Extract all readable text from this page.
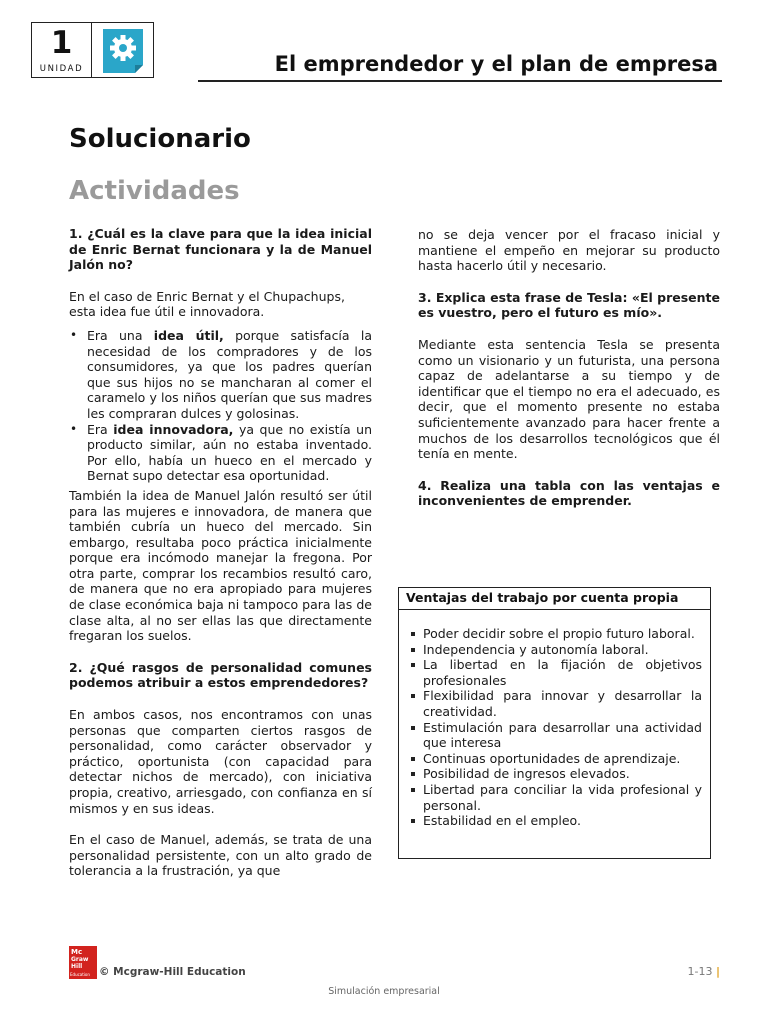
1
UNIDAD	El emprendedor y el plan de empresa
Solucionario
Actividades

1. ¿Cuál es la clave para que la idea inicial de Enric Bernat funcionara y la de Manuel Jalón no?

En el caso de Enric Bernat y el Chupachups, esta idea fue útil e innovadora.

• Era una idea útil, porque satisfacía la necesidad de los compradores y de los consumidores, ya que los padres querían que sus hijos no se mancharan al comer el caramelo y los niños querían que sus madres les compraran dulces y golosinas.
• Era idea innovadora, ya que no existía un producto similar, aún no estaba inventado. Por ello, había un hueco en el mercado y Bernat supo detectar esa oportunidad.

También la idea de Manuel Jalón resultó ser útil para las mujeres e innovadora, de manera que también cubría un hueco del mercado. Sin embargo, resultaba poco práctica inicialmente porque era incómodo manejar la fregona. Por otra parte, comprar los recambios resultó caro, de manera que no era apropiado para mujeres de clase económica baja ni tampoco para las de clase alta, al no ser ellas las que directamente fregaran los suelos.

2. ¿Qué rasgos de personalidad comunes podemos atribuir a estos emprendedores?

En ambos casos, nos encontramos con unas personas que comparten ciertos rasgos de personalidad, como carácter observador y práctico, oportunista (con capacidad para detectar nichos de mercado), con iniciativa propia, creativo, arriesgado, con confianza en sí mismos y en sus ideas.

En el caso de Manuel, además, se trata de una personalidad persistente, con un alto grado de tolerancia a la frustración, ya que

no se deja vencer por el fracaso inicial y mantiene el empeño en mejorar su producto hasta hacerlo útil y necesario.

3. Explica esta frase de Tesla: «El presente es vuestro, pero el futuro es mío».

Mediante esta sentencia Tesla se presenta como un visionario y un futurista, una persona capaz de adelantarse a su tiempo y de identificar que el tiempo no era el adecuado, es decir, que el momento presente no estaba suficientemente avanzado para hacer frente a muchos de los desarrollos tecnológicos que él tenía en mente.

4. Realiza una tabla con las ventajas e inconvenientes de emprender.

Ventajas del trabajo por cuenta propia
Poder decidir sobre el propio futuro laboral.
Independencia y autonomía laboral.
La libertad en la fijación de objetivos profesionales
Flexibilidad para innovar y desarrollar la creatividad.
Estimulación para desarrollar una actividad que interesa
Continuas oportunidades de aprendizaje.
Posibilidad de ingresos elevados.
Libertad para conciliar la vida profesional y personal.
Estabilidad en el empleo.
Mc
Graw
Hill
Education © Mcgraw-Hill Education	1-13 |
Simulación empresarial
